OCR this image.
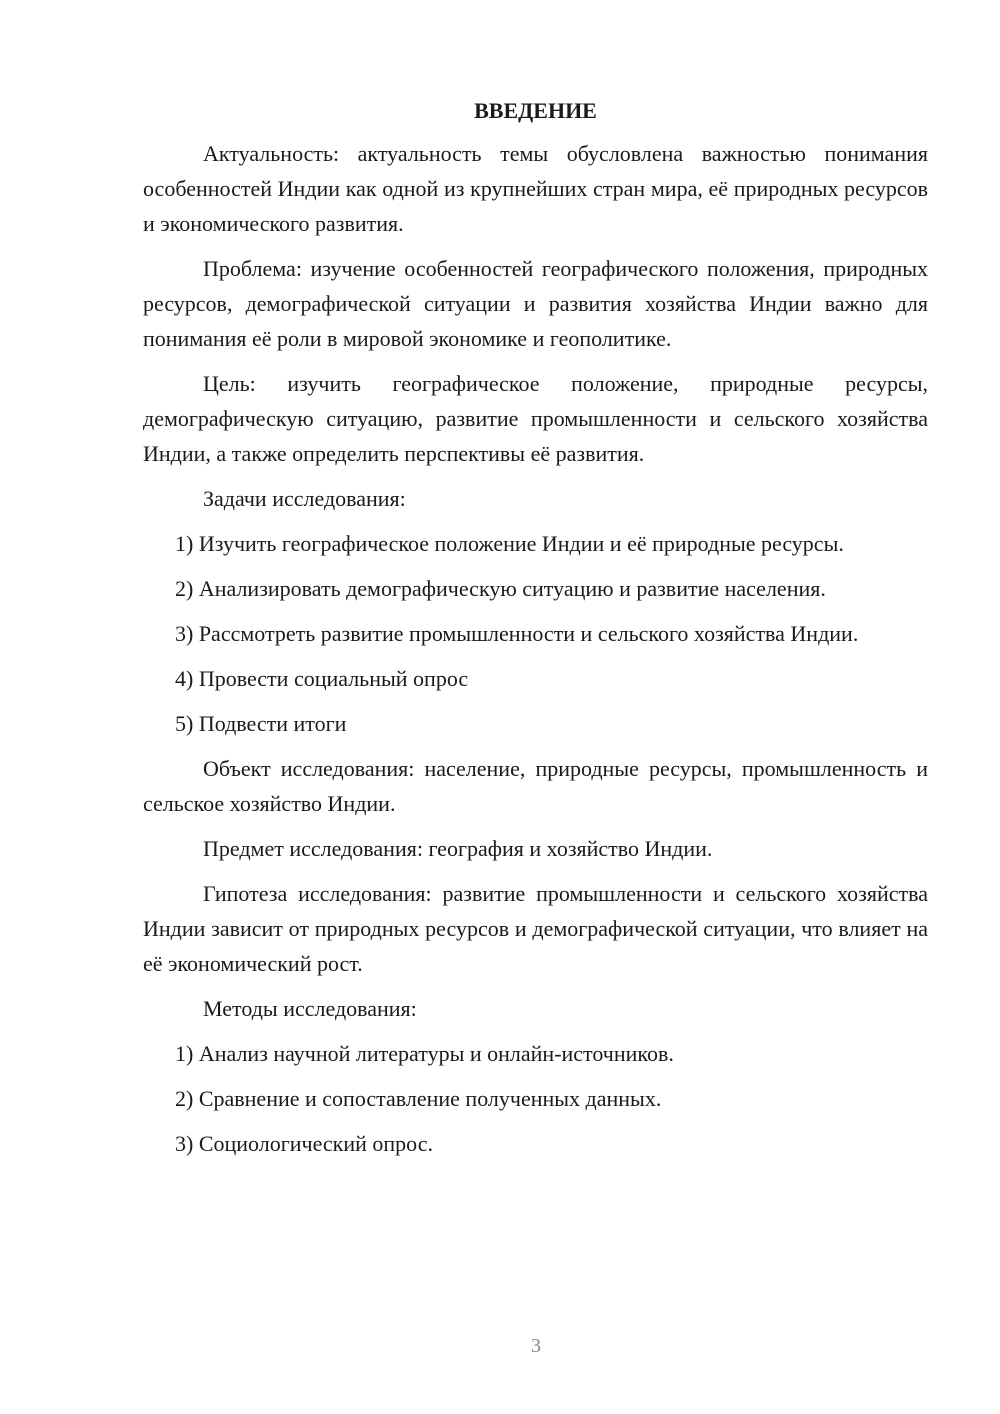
ВВЕДЕНИЕ

Актуальность: актуальность темы обусловлена важностью понимания особенностей Индии как одной из крупнейших стран мира, её природных ресурсов и экономического развития.

Проблема: изучение особенностей географического положения, природных ресурсов, демографической ситуации и развития хозяйства Индии важно для понимания её роли в мировой экономике и геополитике.

Цель: изучить географическое положение, природные ресурсы, демографическую ситуацию, развитие промышленности и сельского хозяйства Индии, а также определить перспективы её развития.

Задачи исследования:

1) Изучить географическое положение Индии и её природные ресурсы.

2) Анализировать демографическую ситуацию и развитие населения.

3) Рассмотреть развитие промышленности и сельского хозяйства Индии.

4) Провести социальный опрос

5) Подвести итоги

Объект исследования: население, природные ресурсы, промышленность и сельское хозяйство Индии.

Предмет исследования: география и хозяйство Индии.

Гипотеза исследования: развитие промышленности и сельского хозяйства Индии зависит от природных ресурсов и демографической ситуации, что влияет на её экономический рост.

Методы исследования:

1) Анализ научной литературы и онлайн-источников.

2) Сравнение и сопоставление полученных данных.

3) Социологический опрос.

3
